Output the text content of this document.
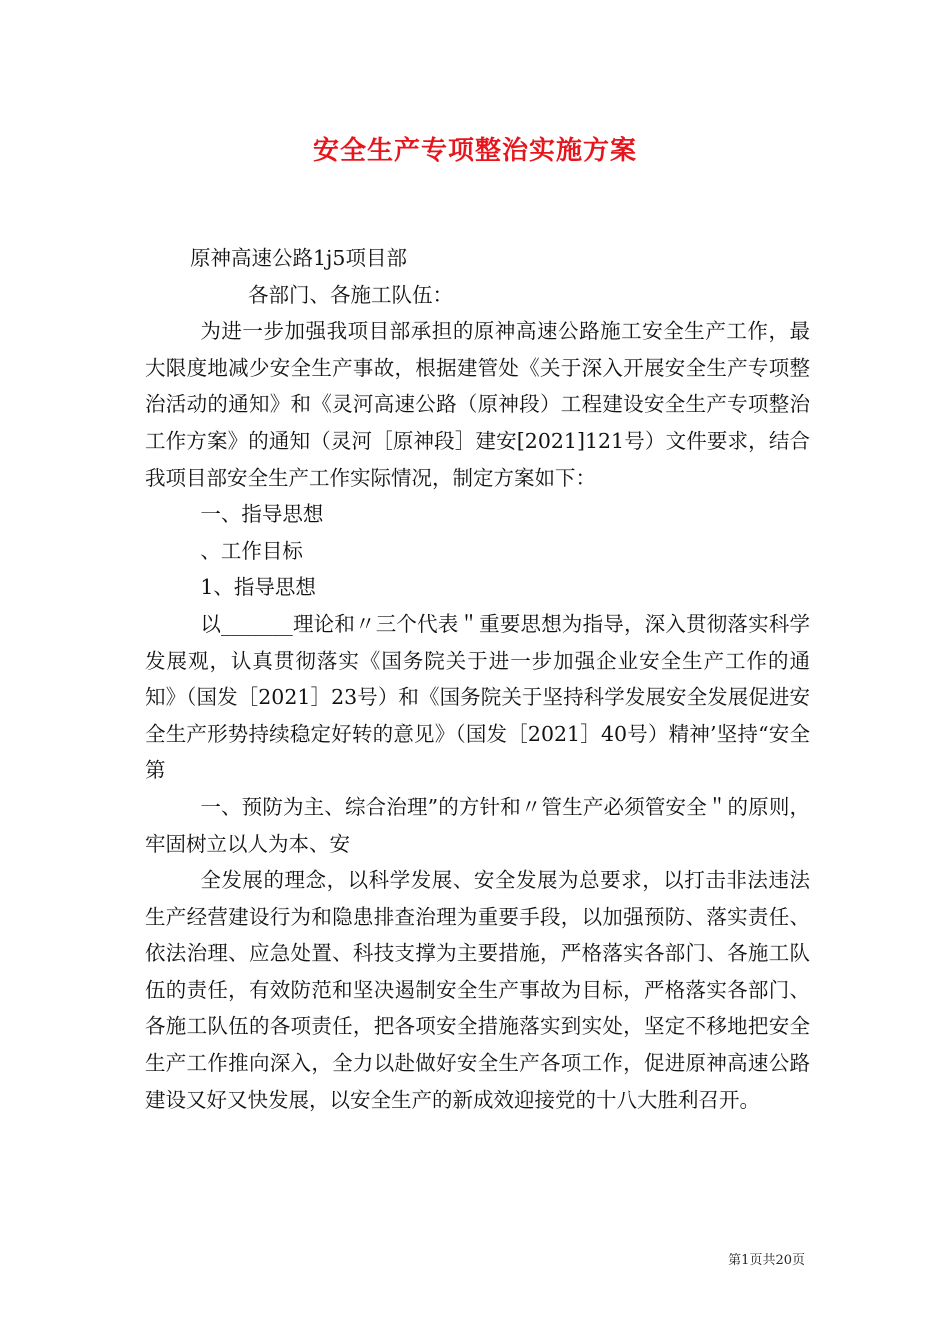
安全生产专项整治实施方案

原神高速公路1j5项目部

各部门、各施工队伍：

为进一步加强我项目部承担的原神高速公路施工安全生产工作，最大限度地减少安全生产事故，根据建管处《关于深入开展安全生产专项整治活动的通知》和《灵河高速公路（原神段）工程建设安全生产专项整治工作方案》的通知（灵河［原神段］建安[2021]121号）文件要求，结合我项目部安全生产工作实际情况，制定方案如下：

一、指导思想

、工作目标

1、指导思想

以_______理论和〃三个代表＂重要思想为指导，深入贯彻落实科学发展观，认真贯彻落实《国务院关于进一步加强企业安全生产工作的通知》（国发［2021］23号）和《国务院关于坚持科学发展安全发展促进安全生产形势持续稳定好转的意见》（国发［2021］40号）精神’坚持“安全第

一、预防为主、综合治理”的方针和〃管生产必须管安全＂的原则，牢固树立以人为本、安

全发展的理念，以科学发展、安全发展为总要求，以打击非法违法生产经营建设行为和隐患排查治理为重要手段，以加强预防、落实责任、依法治理、应急处置、科技支撑为主要措施，严格落实各部门、各施工队伍的责任，有效防范和坚决遏制安全生产事故为目标，严格落实各部门、各施工队伍的各项责任，把各项安全措施落实到实处，坚定不移地把安全生产工作推向深入，全力以赴做好安全生产各项工作，促进原神高速公路建设又好又快发展，以安全生产的新成效迎接党的十八大胜利召开。

第1页共20页
